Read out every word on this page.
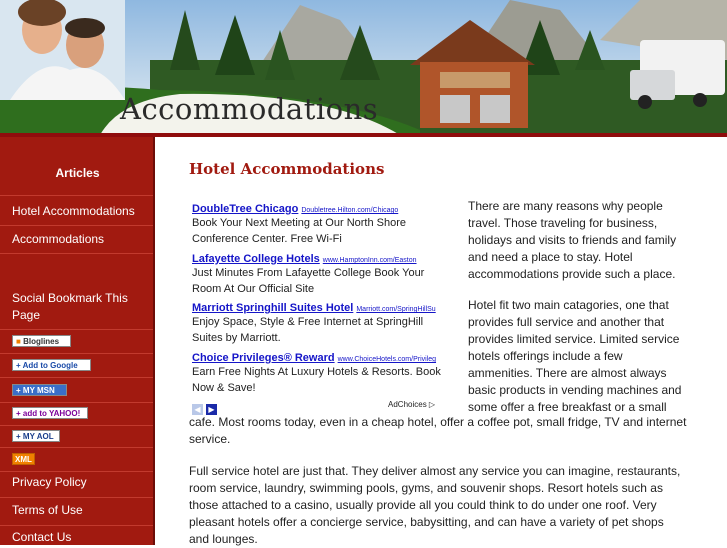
Accommodations
Articles
Hotel Accommodations
Accommodations
Social Bookmark This Page
■ Bloglines
+ Add to Google
+ MY MSN
+ add to YAHOO!
+ MY AOL
XML
Privacy Policy
Terms of Use
Contact Us
Hotel Accommodations
DoubleTree Chicago Doubletree.Hilton.com/Chicago
Book Your Next Meeting at Our North Shore Conference Center. Free Wi-Fi
Lafayette College Hotels www.HamptonInn.com/Easton
Just Minutes From Lafayette College Book Your Room At Our Official Site
Marriott Springhill Suites Hotel Marriott.com/SpringHillSu
Enjoy Space, Style & Free Internet at SpringHill Suites by Marriott.
Choice Privileges® Reward www.ChoiceHotels.com/Privileg
Earn Free Nights At Luxury Hotels & Resorts. Book Now & Save!
◀ ▶
AdChoices ▷
There are many reasons why people
travel. Those traveling for business,
holidays and visits to friends and family
and need a place to stay. Hotel
accommodations provide such a place.
Hotel fit two main catagories, one that
provides full service and another that
provides limited service. Limited service
hotels offerings include a few
ammenities. There are almost always
basic products in vending machines and
some offer a free breakfast or a small
cafe. Most rooms today, even in a cheap hotel, offer a coffee pot, small fridge, TV and internet
service.
Full service hotel are just that. They deliver almost any service you can imagine, restaurants,
room service, laundry, swimming pools, gyms, and souvenir shops. Resort hotels such as
those attached to a casino, usually provide all you could think to do under one roof. Very
pleasant hotels offer a concierge service, babysitting, and can have a variety of pet shops
and lounges.
